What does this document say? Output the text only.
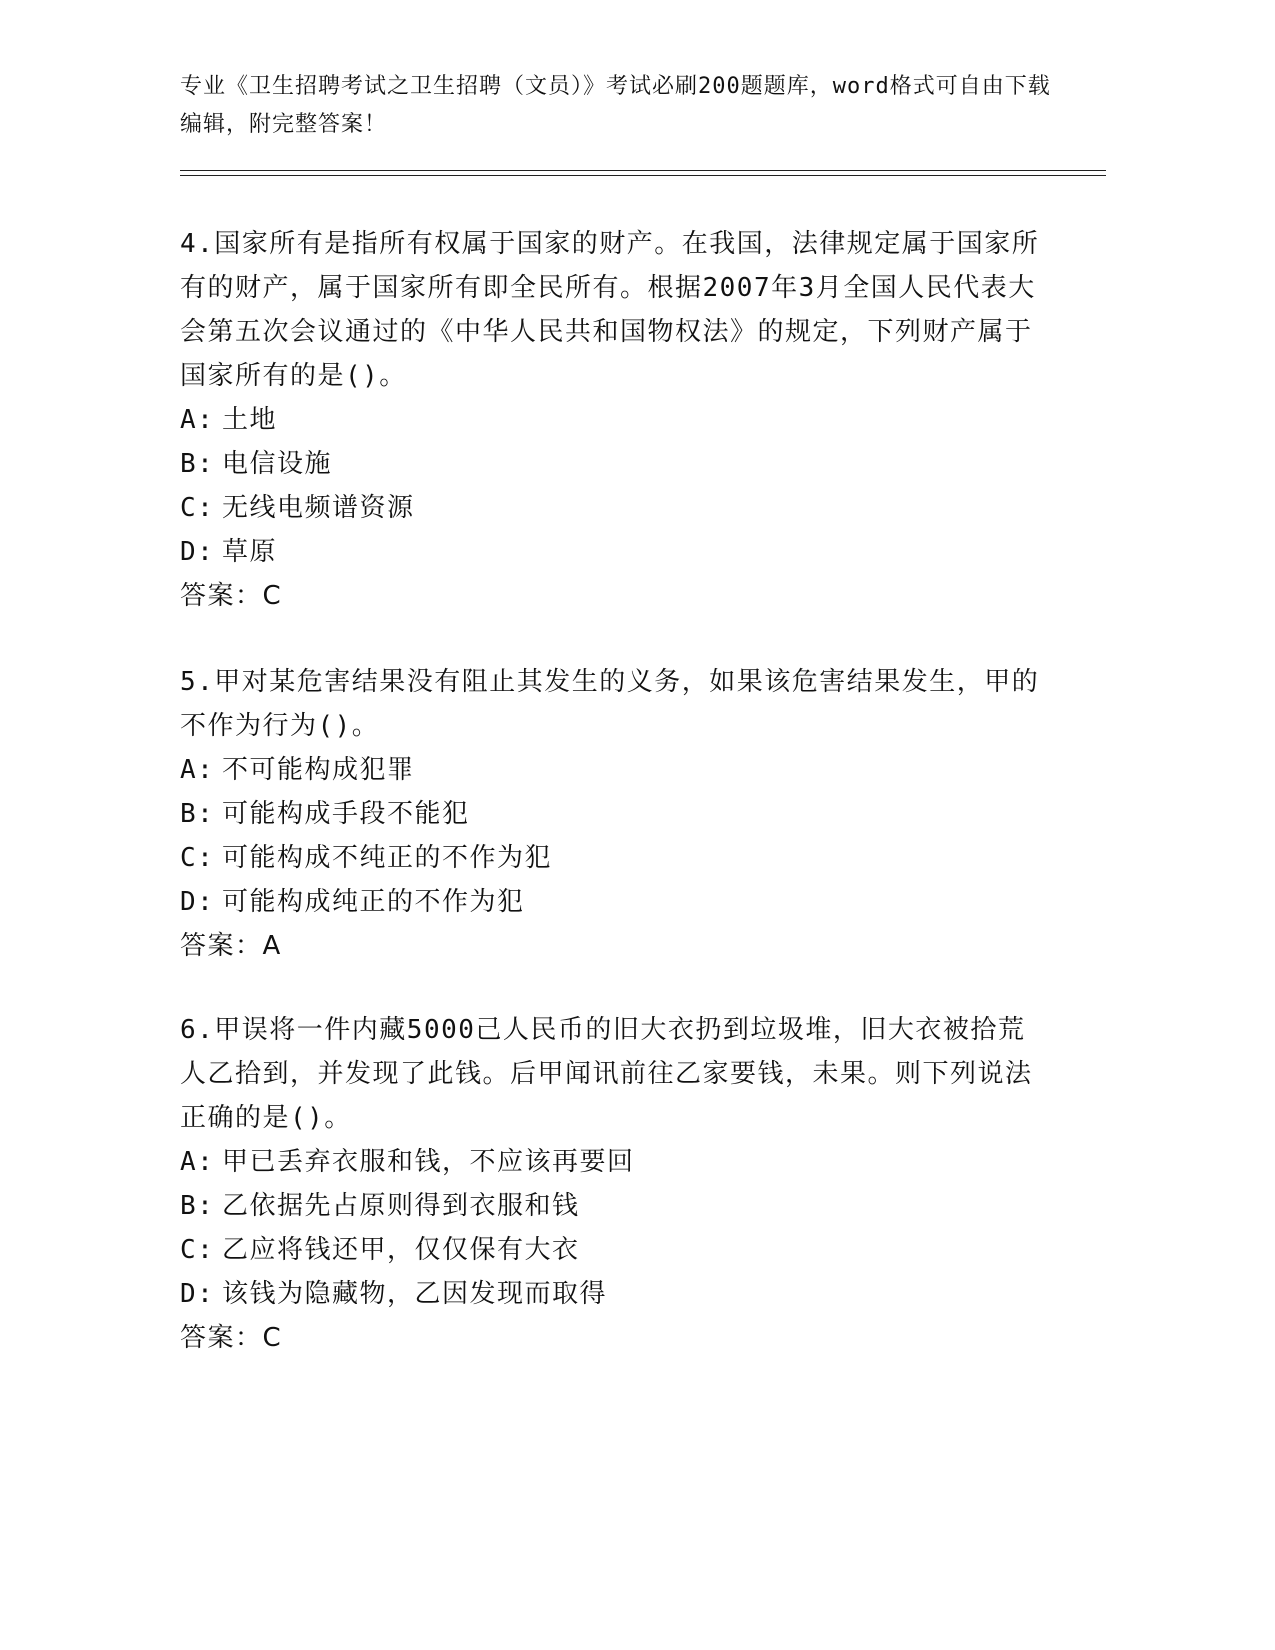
专业《卫生招聘考试之卫生招聘（文员）》考试必刷200题题库，word格式可自由下载编辑，附完整答案！

4.国家所有是指所有权属于国家的财产。在我国，法律规定属于国家所有的财产，属于国家所有即全民所有。根据2007年3月全国人民代表大会第五次会议通过的《中华人民共和国物权法》的规定，下列财产属于国家所有的是()。

A: 土地

B: 电信设施

C: 无线电频谱资源

D: 草原

答案：C

5.甲对某危害结果没有阻止其发生的义务，如果该危害结果发生，甲的不作为行为()。

A: 不可能构成犯罪

B: 可能构成手段不能犯

C: 可能构成不纯正的不作为犯

D: 可能构成纯正的不作为犯

答案：A

6.甲误将一件内藏5000己人民币的旧大衣扔到垃圾堆，旧大衣被拾荒人乙拾到，并发现了此钱。后甲闻讯前往乙家要钱，未果。则下列说法正确的是()。

A: 甲已丢弃衣服和钱，不应该再要回

B: 乙依据先占原则得到衣服和钱

C: 乙应将钱还甲，仅仅保有大衣

D: 该钱为隐藏物，乙因发现而取得

答案：C
